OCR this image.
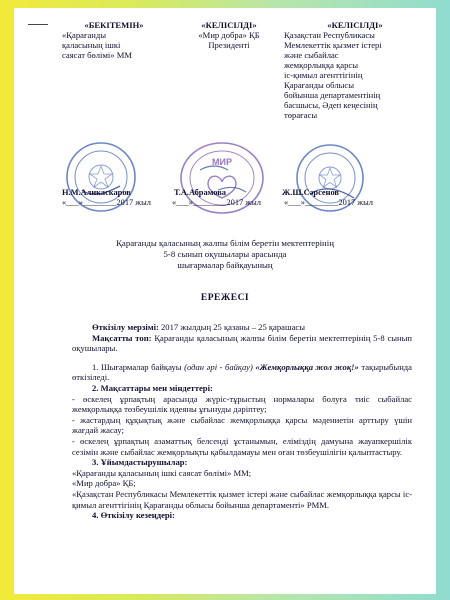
«БЕКІТЕМІН»
«Қарағанды
қаласының ішкі
саясат бөлімі» ММ
«КЕЛІСІЛДІ»
«Мир добра» ҚБ
Президенті
«КЕЛІСІЛДІ»
Қазақстан Республикасы
Мемлекеттік қызмет істері
және сыбайлас
жемқорлыққа қарсы
іс-қимыл агенттігінің
Қарағанды облысы
бойынша департаментінің
басшысы, Әдеп кеңесінің
төрағасы
МИР
Н.М.Аликаскаров	Т.А.Абрамова	Ж.Ш.Сәрсенов
«___»________2017 жыл	«___»________2017 жыл	«___»________2017 жыл
Қарағанды қаласының жалпы білім беретін мектептерінің
5-8 сынып оқушылары арасында
шығармалар байқауының
ЕРЕЖЕСІ

Өткізілу мерзімі: 2017 жылдың 25 қазаны – 25 қарашасы

Мақсатты топ: Қарағанды қаласының жалпы білім беретін мектептерінің 5-8 сынып оқушылары.

1. Шығармалар байқауы (одан әрі - байқау) «Жемқорлыққа жол жоқ!» тақырыбында өткізіледі.

2. Мақсаттары мен міндеттері:

- өскелең ұрпақтың арасында жүріс-тұрыстың нормалары болуға тиіс сыбайлас жемқорлыққа төзбеушілік идеяны ұғынуды дәріптеу;

- жастардың құқықтық және сыбайлас жемқорлыққа қарсы мәдениетін арттыру үшін жағдай жасау;

- өскелең ұрпақтың азаматтық белсенді ұстанымын, еліміздің дамуына жауапкершілік сезімін және сыбайлас жемқорлықты қабылдамауы мен оған төзбеушілігін қалыптастыру.

3. Ұйымдастырушылар:

«Қарағанды қаласының ішкі саясат бөлімі» ММ;

«Мир добра» ҚБ;

«Қазақстан Республикасы Мемлекеттік қызмет істері және сыбайлас жемқорлыққа қарсы іс-қимыл агенттігінің Қарағанды облысы бойынша департаменті» РММ.

4. Өткізілу кезеңдері:
